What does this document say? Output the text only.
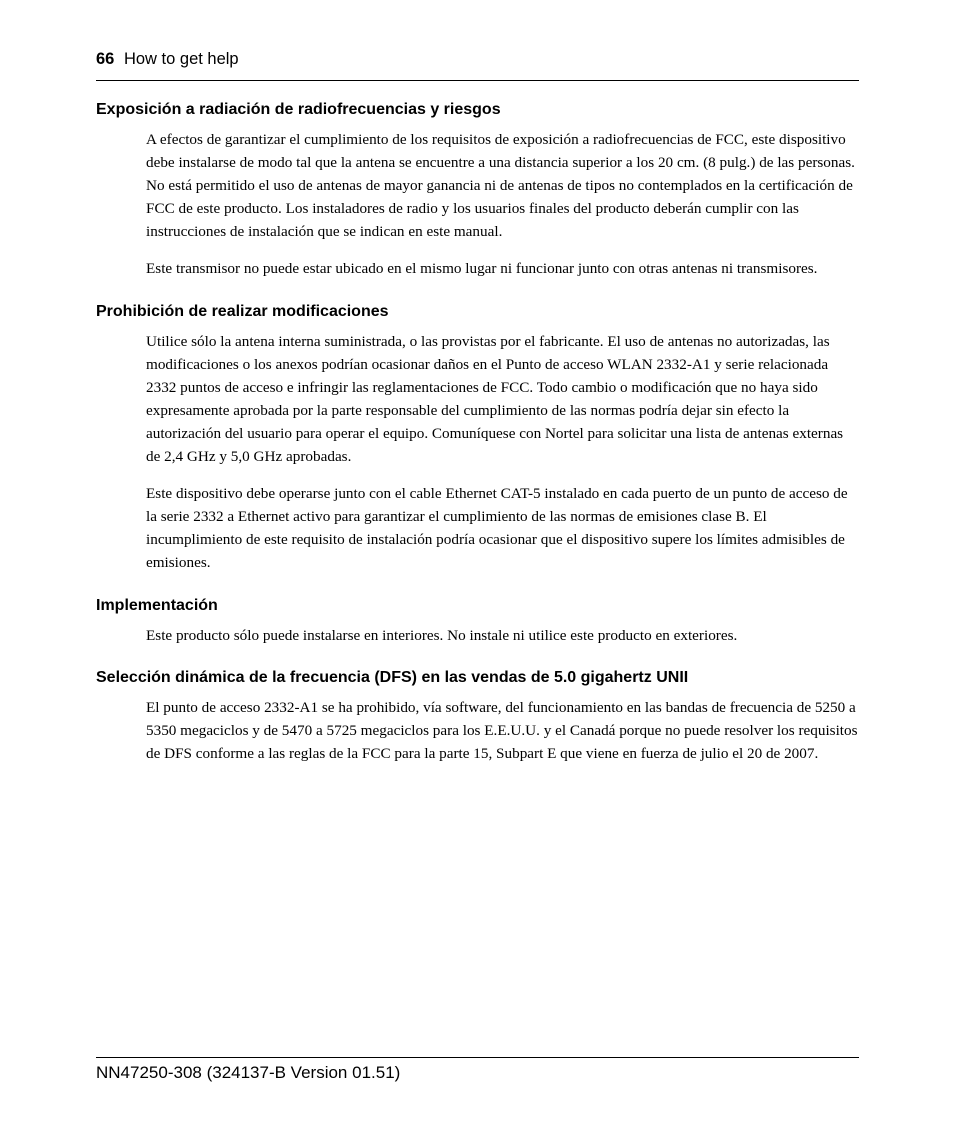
66 How to get help
Exposición a radiación de radiofrecuencias y riesgos

A efectos de garantizar el cumplimiento de los requisitos de exposición a radiofrecuencias de FCC, este dispositivo debe instalarse de modo tal que la antena se encuentre a una distancia superior a los 20 cm. (8 pulg.) de las personas. No está permitido el uso de antenas de mayor ganancia ni de antenas de tipos no contemplados en la certificación de FCC de este producto. Los instaladores de radio y los usuarios finales del producto deberán cumplir con las instrucciones de instalación que se indican en este manual.

Este transmisor no puede estar ubicado en el mismo lugar ni funcionar junto con otras antenas ni transmisores.

Prohibición de realizar modificaciones

Utilice sólo la antena interna suministrada, o las provistas por el fabricante. El uso de antenas no autorizadas, las modificaciones o los anexos podrían ocasionar daños en el Punto de acceso WLAN 2332-A1 y serie relacionada 2332 puntos de acceso e infringir las reglamentaciones de FCC. Todo cambio o modificación que no haya sido expresamente aprobada por la parte responsable del cumplimiento de las normas podría dejar sin efecto la autorización del usuario para operar el equipo. Comuníquese con Nortel para solicitar una lista de antenas externas de 2,4 GHz y 5,0 GHz aprobadas.

Este dispositivo debe operarse junto con el cable Ethernet CAT-5 instalado en cada puerto de un punto de acceso de la serie 2332 a Ethernet activo para garantizar el cumplimiento de las normas de emisiones clase B. El incumplimiento de este requisito de instalación podría ocasionar que el dispositivo supere los límites admisibles de emisiones.

Implementación

Este producto sólo puede instalarse en interiores. No instale ni utilice este producto en exteriores.

Selección dinámica de la frecuencia (DFS) en las vendas de 5.0 gigahertz UNII

El punto de acceso 2332-A1 se ha prohibido, vía software, del funcionamiento en las bandas de frecuencia de 5250 a 5350 megaciclos y de 5470 a 5725 megaciclos para los E.E.U.U. y el Canadá porque no puede resolver los requisitos de DFS conforme a las reglas de la FCC para la parte 15, Subpart E que viene en fuerza de julio el 20 de 2007.

NN47250-308 (324137-B Version 01.51)
